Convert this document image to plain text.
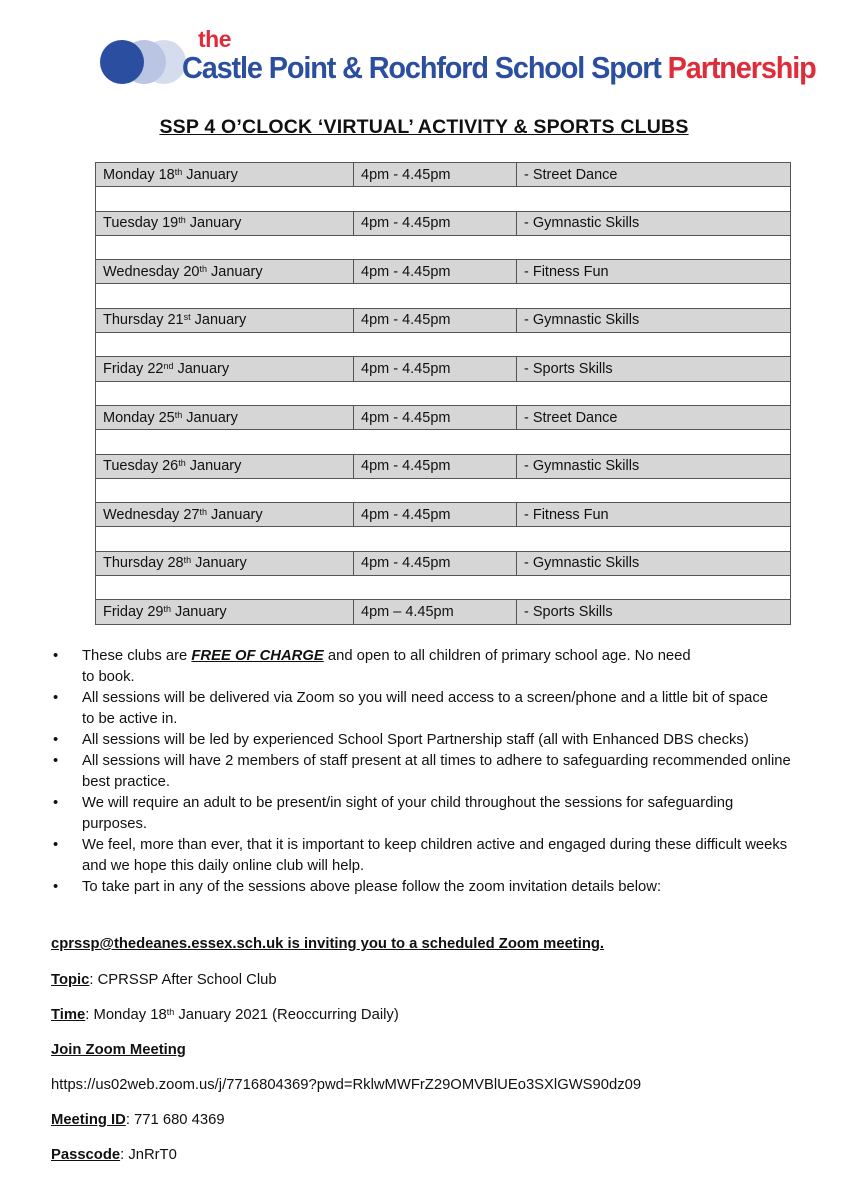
the
Castle Point & Rochford School Sport Partnership
SSP 4 O’CLOCK ‘VIRTUAL’ ACTIVITY & SPORTS CLUBS
Monday 18th January	4pm - 4.45pm	- Street Dance

Tuesday 19th January	4pm - 4.45pm	- Gymnastic Skills

Wednesday 20th January	4pm - 4.45pm	- Fitness Fun

Thursday 21st January	4pm - 4.45pm	- Gymnastic Skills

Friday 22nd January	4pm - 4.45pm	- Sports Skills

Monday 25th January	4pm - 4.45pm	- Street Dance

Tuesday 26th January	4pm - 4.45pm	- Gymnastic Skills

Wednesday 27th January	4pm - 4.45pm	- Fitness Fun

Thursday 28th January	4pm - 4.45pm	- Gymnastic Skills

Friday 29th January	4pm – 4.45pm	- Sports Skills
• These clubs are FREE OF CHARGE and open to all children of primary school age. No need
to book.
• All sessions will be delivered via Zoom so you will need access to a screen/phone and a little bit of space to be active in.
• All sessions will be led by experienced School Sport Partnership staff (all with Enhanced DBS checks)
• All sessions will have 2 members of staff present at all times to adhere to safeguarding recommended online best practice.
• We will require an adult to be present/in sight of your child throughout the sessions for safeguarding purposes.
• We feel, more than ever, that it is important to keep children active and engaged during these difficult weeks and we hope this daily online club will help.
• To take part in any of the sessions above please follow the zoom invitation details below:
cprssp@thedeanes.essex.sch.uk is inviting you to a scheduled Zoom meeting.
Topic: CPRSSP After School Club
Time: Monday 18th January 2021 (Reoccurring Daily)
Join Zoom Meeting
https://us02web.zoom.us/j/7716804369?pwd=RklwMWFrZ29OMVBlUEo3SXlGWS90dz09
Meeting ID: 771 680 4369
Passcode: JnRrT0
